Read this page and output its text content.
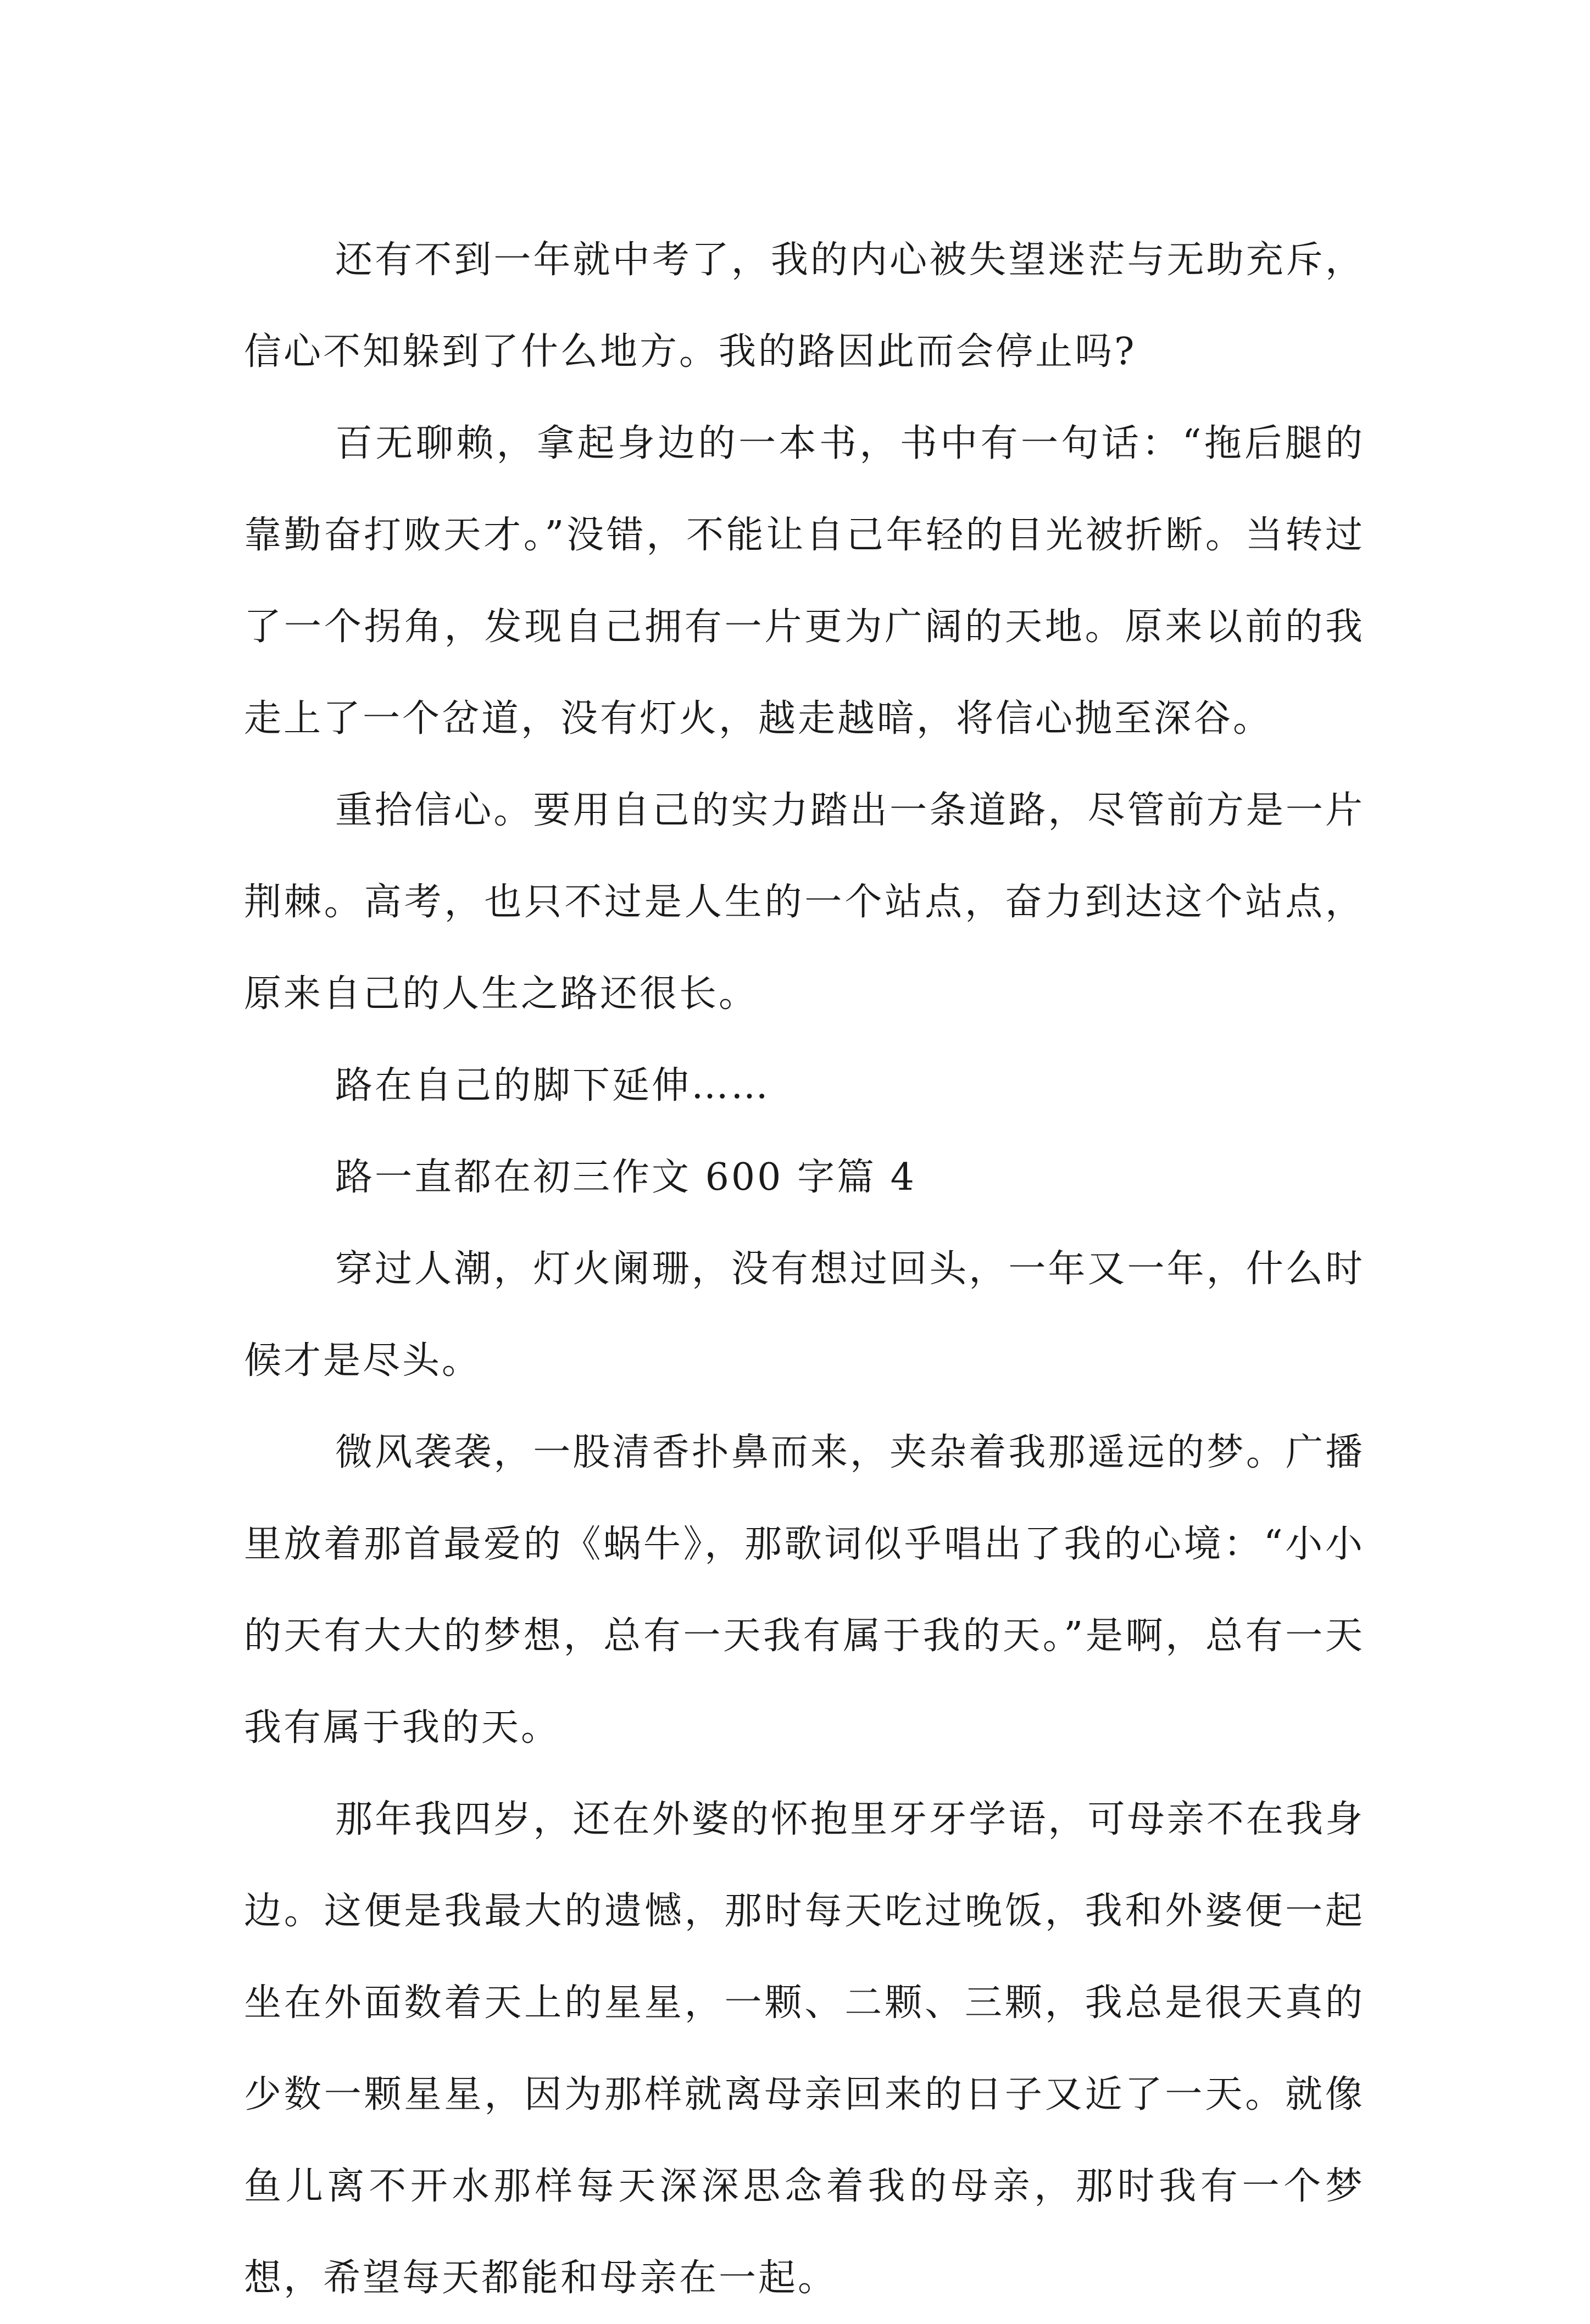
还有不到一年就中考了，我的内心被失望迷茫与无助充斥，信心不知躲到了什么地方。我的路因此而会停止吗?

百无聊赖，拿起身边的一本书，书中有一句话：“拖后腿的靠勤奋打败天才。”没错，不能让自己年轻的目光被折断。当转过了一个拐角，发现自己拥有一片更为广阔的天地。原来以前的我走上了一个岔道，没有灯火，越走越暗，将信心抛至深谷。

重拾信心。要用自己的实力踏出一条道路，尽管前方是一片荆棘。高考，也只不过是人生的一个站点，奋力到达这个站点，原来自己的人生之路还很长。

路在自己的脚下延伸……

路一直都在初三作文 600 字篇 4

穿过人潮，灯火阑珊，没有想过回头，一年又一年，什么时候才是尽头。

微风袭袭，一股清香扑鼻而来，夹杂着我那遥远的梦。广播里放着那首最爱的《蜗牛》，那歌词似乎唱出了我的心境：“小小的天有大大的梦想，总有一天我有属于我的天。”是啊，总有一天我有属于我的天。

那年我四岁，还在外婆的怀抱里牙牙学语，可母亲不在我身边。这便是我最大的遗憾，那时每天吃过晚饭，我和外婆便一起坐在外面数着天上的星星，一颗、二颗、三颗，我总是很天真的少数一颗星星，因为那样就离母亲回来的日子又近了一天。就像鱼儿离不开水那样每天深深思念着我的母亲，那时我有一个梦想，希望每天都能和母亲在一起。
